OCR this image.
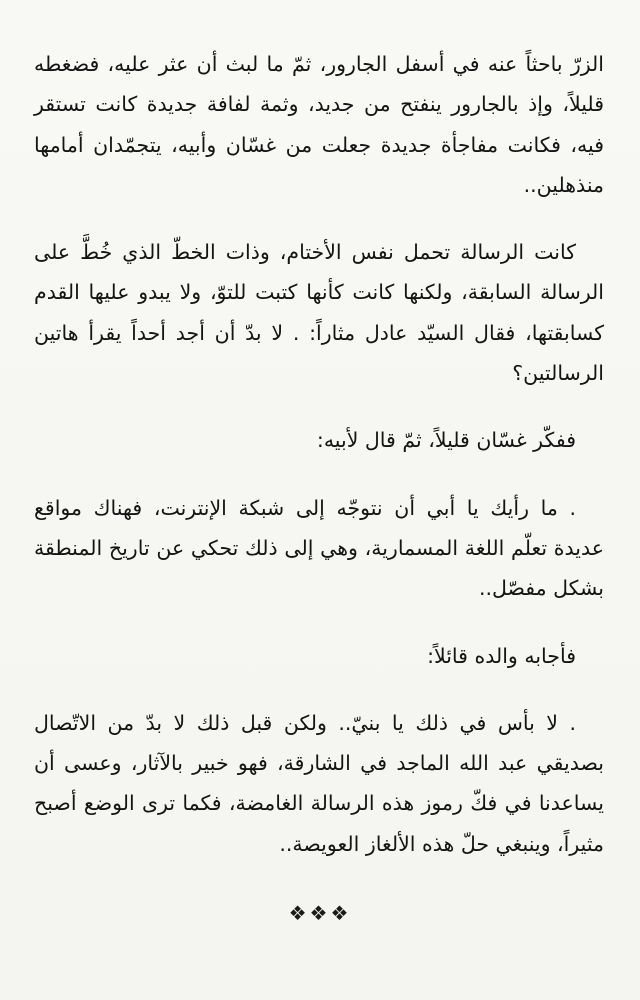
الزرّ باحثاً عنه في أسفل الجارور، ثمّ ما لبث أن عثر عليه، فضغطه قليلاً، وإذ بالجارور ينفتح من جديد، وثمة لفافة جديدة كانت تستقر فيه، فكانت مفاجأة جديدة جعلت من غسّان وأبيه، يتجمّدان أمامها منذهلين..

كانت الرسالة تحمل نفس الأختام، وذات الخطّ الذي خُطَّ على الرسالة السابقة، ولكنها كانت كأنها كتبت للتوّ، ولا يبدو عليها القدم كسابقتها، فقال السيّد عادل مثاراً: . لا بدّ أن أجد أحداً يقرأ هاتين الرسالتين؟

ففكّر غسّان قليلاً، ثمّ قال لأبيه:

. ما رأيك يا أبي أن نتوجّه إلى شبكة الإنترنت، فهناك مواقع عديدة تعلّم اللغة المسمارية، وهي إلى ذلك تحكي عن تاريخ المنطقة بشكل مفصّل..

فأجابه والده قائلاً:

. لا بأس في ذلك يا بنيّ.. ولكن قبل ذلك لا بدّ من الاتّصال بصديقي عبد الله الماجد في الشارقة، فهو خبير بالآثار، وعسى أن يساعدنا في فكّ رموز هذه الرسالة الغامضة، فكما ترى الوضع أصبح مثيراً، وينبغي حلّ هذه الألغاز العويصة..

❖❖❖
